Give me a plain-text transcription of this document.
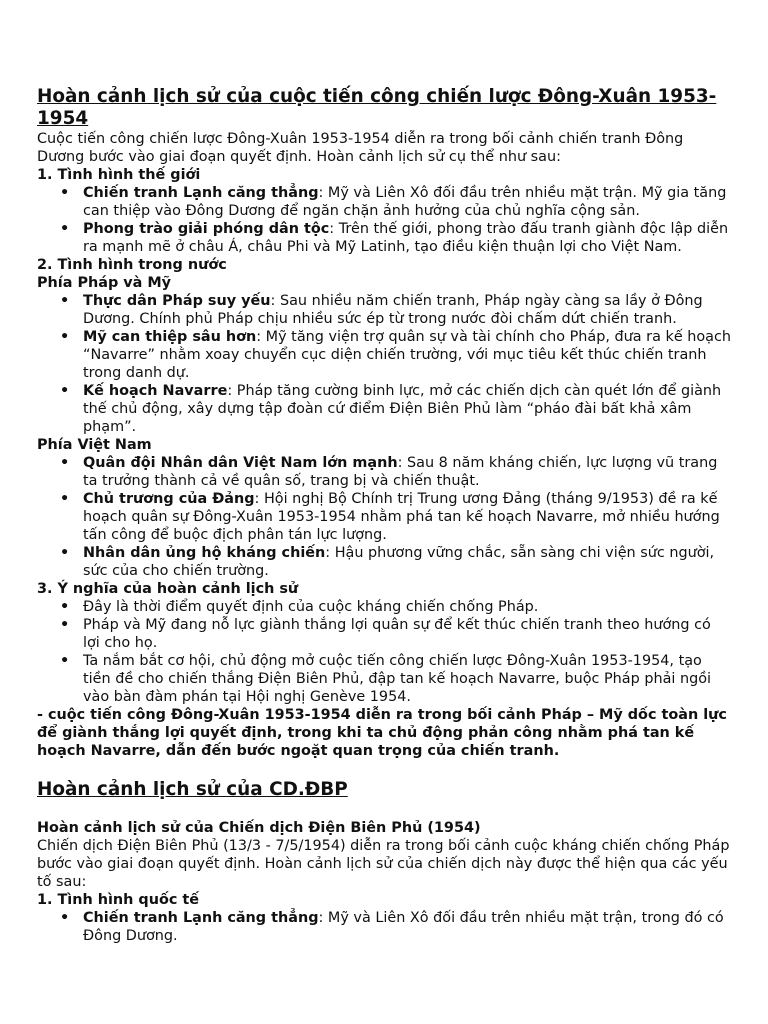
Hoàn cảnh lịch sử của cuộc tiến công chiến lược Đông-Xuân 1953-1954

Cuộc tiến công chiến lược Đông-Xuân 1953-1954 diễn ra trong bối cảnh chiến tranh Đông Dương bước vào giai đoạn quyết định. Hoàn cảnh lịch sử cụ thể như sau:

1. Tình hình thế giới

• Chiến tranh Lạnh căng thẳng: Mỹ và Liên Xô đối đầu trên nhiều mặt trận. Mỹ gia tăng can thiệp vào Đông Dương để ngăn chặn ảnh hưởng của chủ nghĩa cộng sản.
• Phong trào giải phóng dân tộc: Trên thế giới, phong trào đấu tranh giành độc lập diễn ra mạnh mẽ ở châu Á, châu Phi và Mỹ Latinh, tạo điều kiện thuận lợi cho Việt Nam.

2. Tình hình trong nước

Phía Pháp và Mỹ

• Thực dân Pháp suy yếu: Sau nhiều năm chiến tranh, Pháp ngày càng sa lầy ở Đông Dương. Chính phủ Pháp chịu nhiều sức ép từ trong nước đòi chấm dứt chiến tranh.
• Mỹ can thiệp sâu hơn: Mỹ tăng viện trợ quân sự và tài chính cho Pháp, đưa ra kế hoạch “Navarre” nhằm xoay chuyển cục diện chiến trường, với mục tiêu kết thúc chiến tranh trong danh dự.
• Kế hoạch Navarre: Pháp tăng cường binh lực, mở các chiến dịch càn quét lớn để giành thế chủ động, xây dựng tập đoàn cứ điểm Điện Biên Phủ làm “pháo đài bất khả xâm phạm”.

Phía Việt Nam

• Quân đội Nhân dân Việt Nam lớn mạnh: Sau 8 năm kháng chiến, lực lượng vũ trang ta trưởng thành cả về quân số, trang bị và chiến thuật.
• Chủ trương của Đảng: Hội nghị Bộ Chính trị Trung ương Đảng (tháng 9/1953) đề ra kế hoạch quân sự Đông-Xuân 1953-1954 nhằm phá tan kế hoạch Navarre, mở nhiều hướng tấn công để buộc địch phân tán lực lượng.
• Nhân dân ủng hộ kháng chiến: Hậu phương vững chắc, sẵn sàng chi viện sức người, sức của cho chiến trường.

3. Ý nghĩa của hoàn cảnh lịch sử

• Đây là thời điểm quyết định của cuộc kháng chiến chống Pháp.
• Pháp và Mỹ đang nỗ lực giành thắng lợi quân sự để kết thúc chiến tranh theo hướng có lợi cho họ.
• Ta nắm bắt cơ hội, chủ động mở cuộc tiến công chiến lược Đông-Xuân 1953-1954, tạo tiền đề cho chiến thắng Điện Biên Phủ, đập tan kế hoạch Navarre, buộc Pháp phải ngồi vào bàn đàm phán tại Hội nghị Genève 1954.

- cuộc tiến công Đông-Xuân 1953-1954 diễn ra trong bối cảnh Pháp – Mỹ dốc toàn lực để giành thắng lợi quyết định, trong khi ta chủ động phản công nhằm phá tan kế hoạch Navarre, dẫn đến bước ngoặt quan trọng của chiến tranh.

Hoàn cảnh lịch sử của CD.ĐBP

Hoàn cảnh lịch sử của Chiến dịch Điện Biên Phủ (1954)

Chiến dịch Điện Biên Phủ (13/3 - 7/5/1954) diễn ra trong bối cảnh cuộc kháng chiến chống Pháp bước vào giai đoạn quyết định. Hoàn cảnh lịch sử của chiến dịch này được thể hiện qua các yếu tố sau:

1. Tình hình quốc tế

• Chiến tranh Lạnh căng thẳng: Mỹ và Liên Xô đối đầu trên nhiều mặt trận, trong đó có Đông Dương.
